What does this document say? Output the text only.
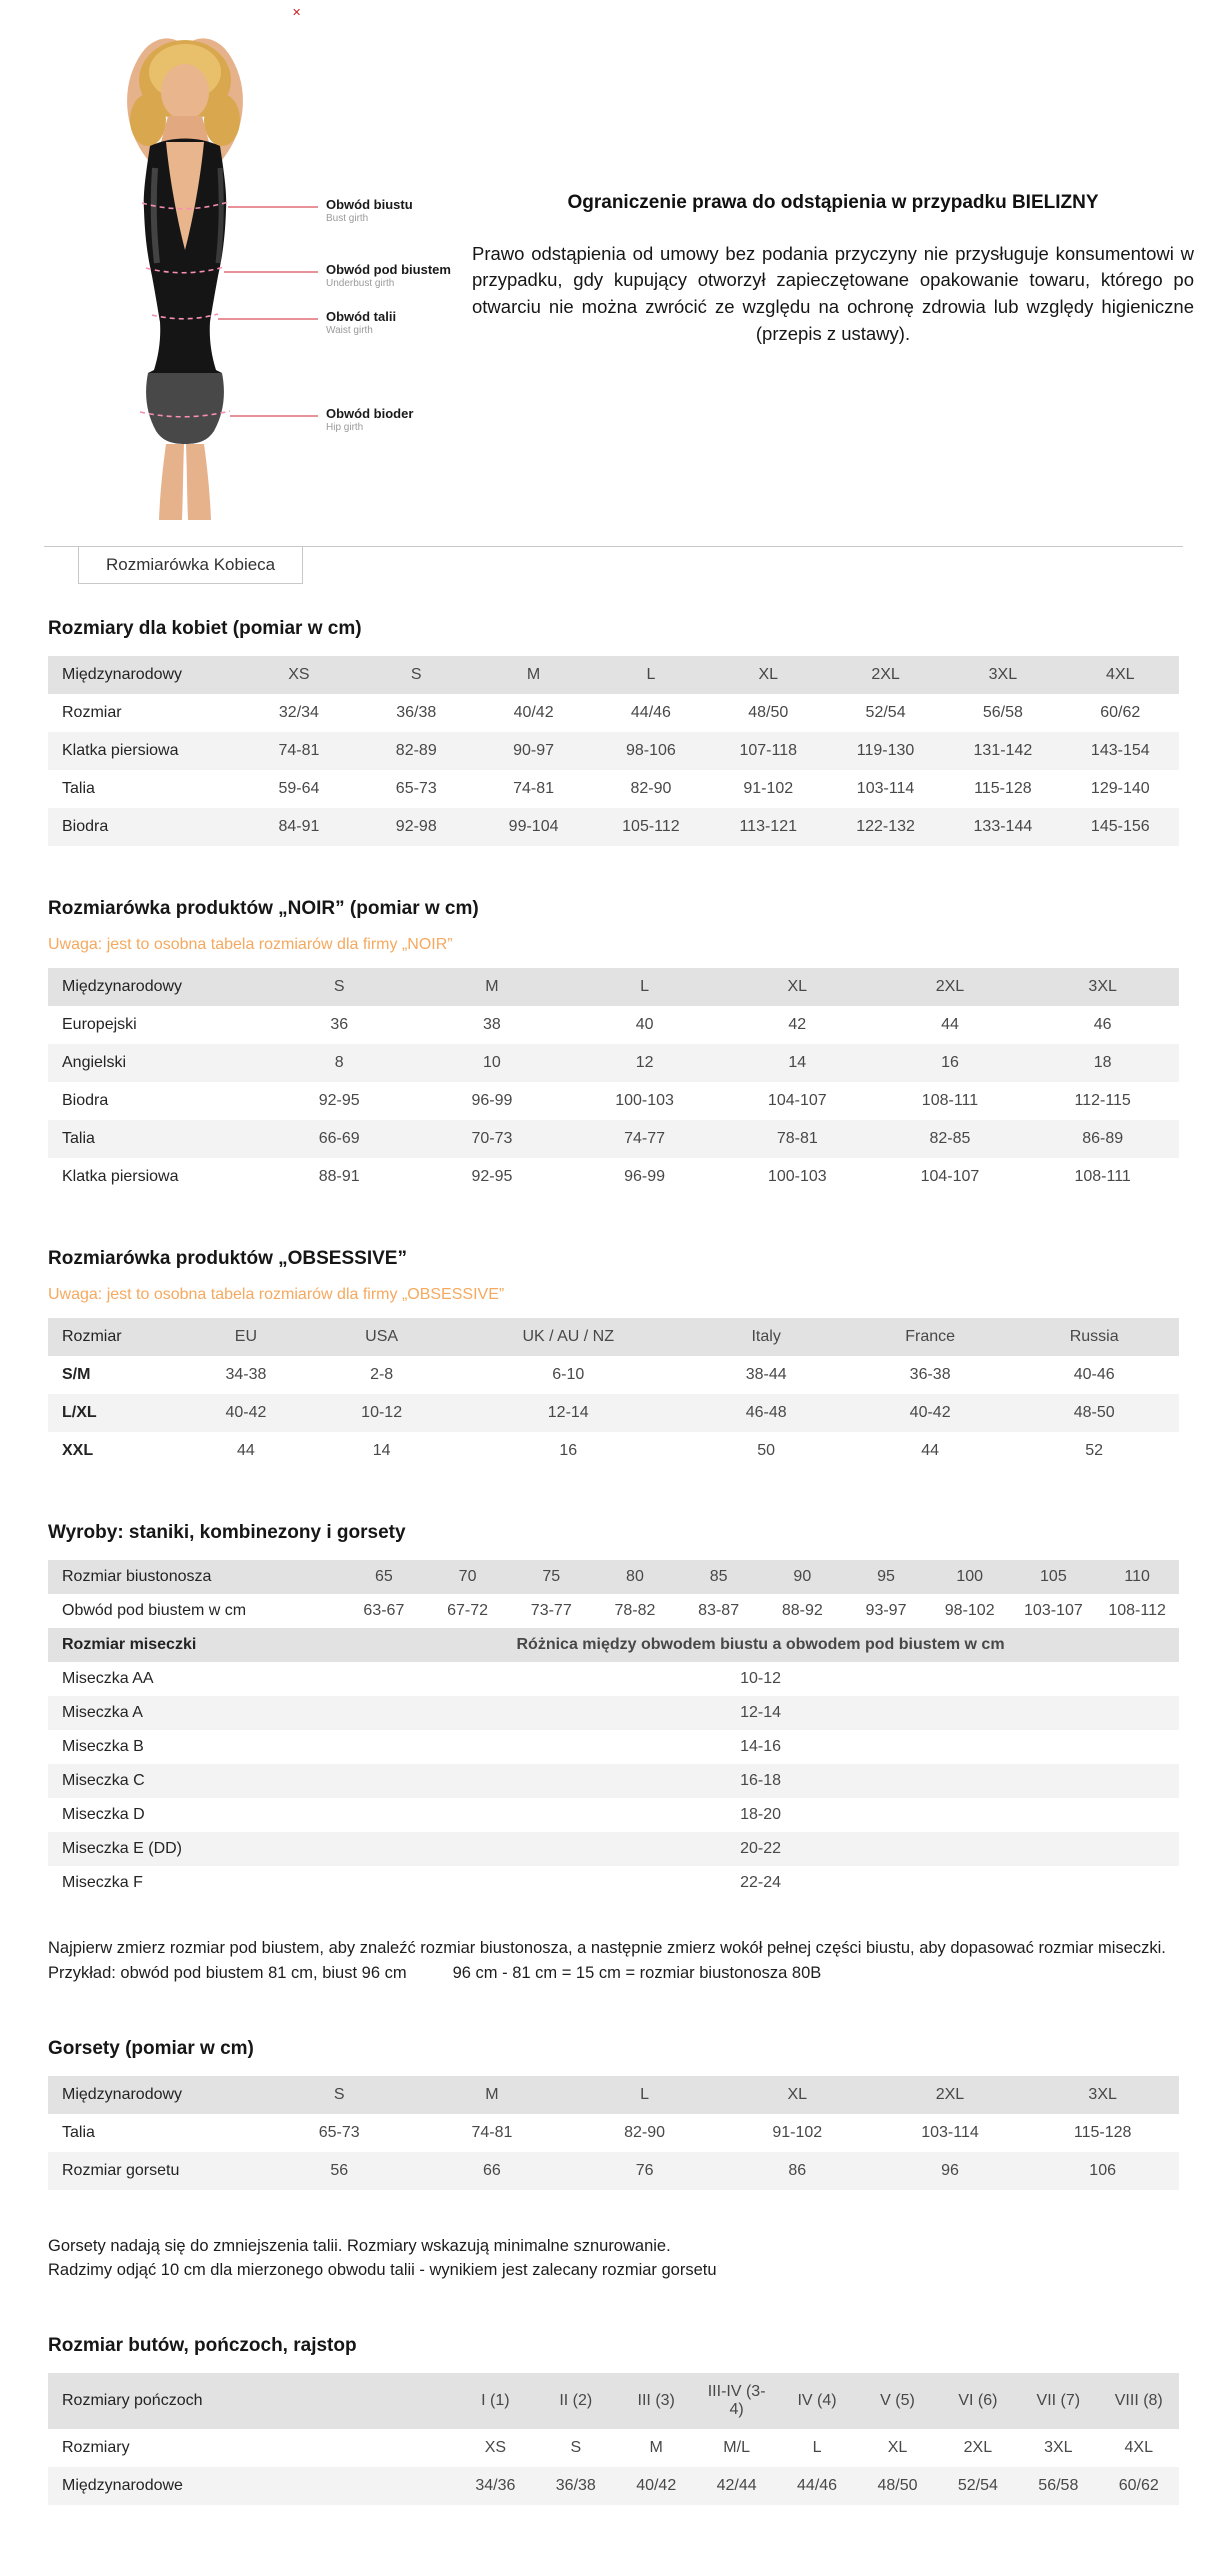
✕
Obwód biustu
Bust girth
Obwód pod biustem
Underbust girth
Obwód talii
Waist girth
Obwód bioder
Hip girth
Ograniczenie prawa do odstąpienia w przypadku BIELIZNY

Prawo odstąpienia od umowy bez podania przyczyny nie przysługuje konsumentowi w przypadku, gdy kupujący otworzył zapieczętowane opakowanie towaru, którego po otwarciu nie można zwrócić ze względu na ochronę zdrowia lub względy higieniczne (przepis z ustawy).

Rozmiarówka Kobieca
Rozmiary dla kobiet (pomiar w cm)
Międzynarodowy	XS	S	M	L	XL	2XL	3XL	4XL
Rozmiar	32/34	36/38	40/42	44/46	48/50	52/54	56/58	60/62
Klatka piersiowa	74-81	82-89	90-97	98-106	107-118	119-130	131-142	143-154
Talia	59-64	65-73	74-81	82-90	91-102	103-114	115-128	129-140
Biodra	84-91	92-98	99-104	105-112	113-121	122-132	133-144	145-156
Rozmiarówka produktów „NOIR” (pomiar w cm)

Uwaga: jest to osobna tabela rozmiarów dla firmy „NOIR”

Międzynarodowy	S	M	L	XL	2XL	3XL
Europejski	36	38	40	42	44	46
Angielski	8	10	12	14	16	18
Biodra	92-95	96-99	100-103	104-107	108-111	112-115
Talia	66-69	70-73	74-77	78-81	82-85	86-89
Klatka piersiowa	88-91	92-95	96-99	100-103	104-107	108-111
Rozmiarówka produktów „OBSESSIVE”

Uwaga: jest to osobna tabela rozmiarów dla firmy „OBSESSIVE”

Rozmiar	EU	USA	UK / AU / NZ	Italy	France	Russia
S/M	34-38	2-8	6-10	38-44	36-38	40-46
L/XL	40-42	10-12	12-14	46-48	40-42	48-50
XXL	44	14	16	50	44	52
Wyroby: staniki, kombinezony i gorsety
Rozmiar biustonosza	65	70	75	80	85	90	95	100	105	110
Obwód pod biustem w cm	63-67	67-72	73-77	78-82	83-87	88-92	93-97	98-102	103-107	108-112
Rozmiar miseczki	Różnica między obwodem biustu a obwodem pod biustem w cm									
Miseczka AA	10-12									
Miseczka A	12-14									
Miseczka B	14-16									
Miseczka C	16-18									
Miseczka D	18-20									
Miseczka E (DD)	20-22									
Miseczka F	22-24									
Najpierw zmierz rozmiar pod biustem, aby znaleźć rozmiar biustonosza, a następnie zmierz wokół pełnej części biustu, aby dopasować rozmiar miseczki.
Przykład: obwód pod biustem 81 cm, biust 96 cm	96 cm - 81 cm = 15 cm = rozmiar biustonosza 80B
Gorsety (pomiar w cm)
Międzynarodowy	S	M	L	XL	2XL	3XL
Talia	65-73	74-81	82-90	91-102	103-114	115-128
Rozmiar gorsetu	56	66	76	86	96	106
Gorsety nadają się do zmniejszenia talii. Rozmiary wskazują minimalne sznurowanie.
Radzimy odjąć 10 cm dla mierzonego obwodu talii - wynikiem jest zalecany rozmiar gorsetu
Rozmiar butów, pończoch, rajstop
Rozmiary pończoch	I (1)	II (2)	III (3)	III-IV (3-4)	IV (4)	V (5)	VI (6)	VII (7)	VIII (8)
Rozmiary	XS	S	M	M/L	L	XL	2XL	3XL	4XL
Międzynarodowe	34/36	36/38	40/42	42/44	44/46	48/50	52/54	56/58	60/62
